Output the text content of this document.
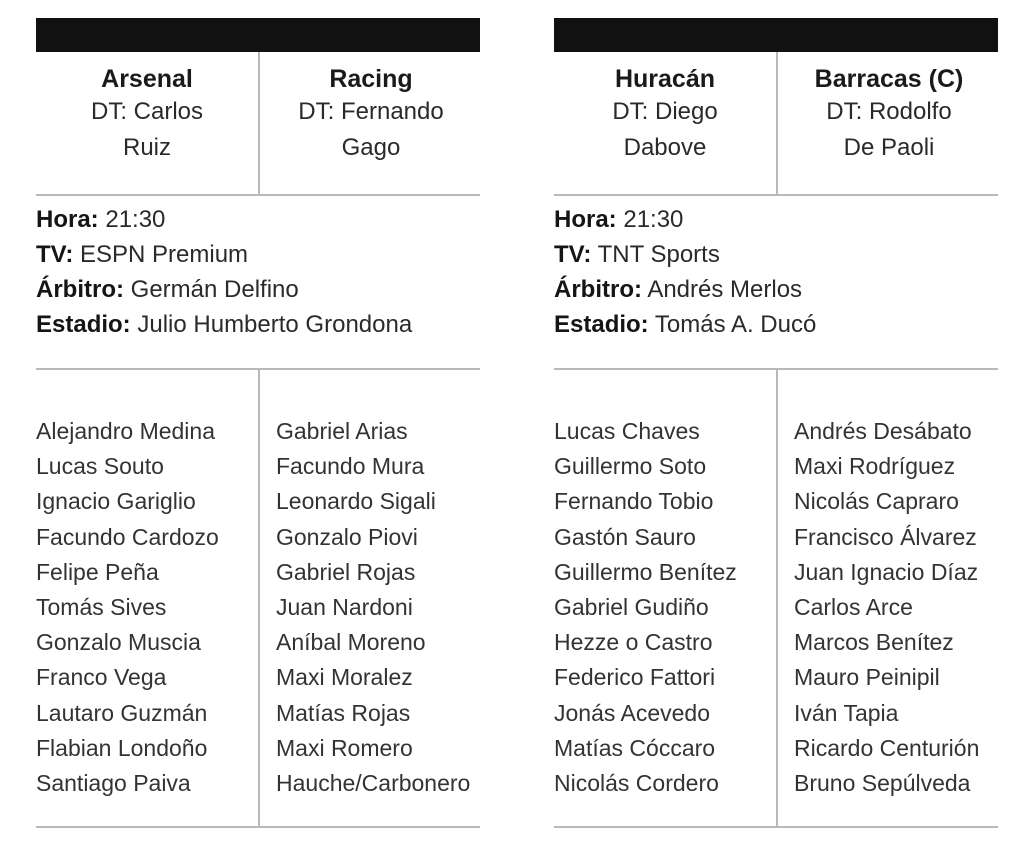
Arsenal
DT: Carlos Ruiz
Racing
DT: Fernando Gago
Hora: 21:30
TV: ESPN Premium
Árbitro: Germán Delfino
Estadio: Julio Humberto Grondona
Alejandro Medina
Lucas Souto
Ignacio Gariglio
Facundo Cardozo
Felipe Peña
Tomás Sives
Gonzalo Muscia
Franco Vega
Lautaro Guzmán
Flabian Londoño
Santiago Paiva
Gabriel Arias
Facundo Mura
Leonardo Sigali
Gonzalo Piovi
Gabriel Rojas
Juan Nardoni
Aníbal Moreno
Maxi Moralez
Matías Rojas
Maxi Romero
Hauche/Carbonero
Huracán
DT: Diego Dabove
Barracas (C)
DT: Rodolfo De Paoli
Hora: 21:30
TV: TNT Sports
Árbitro: Andrés Merlos
Estadio: Tomás A. Ducó
Lucas Chaves
Guillermo Soto
Fernando Tobio
Gastón Sauro
Guillermo Benítez
Gabriel Gudiño
Hezze o Castro
Federico Fattori
Jonás Acevedo
Matías Cóccaro
Nicolás Cordero
Andrés Desábato
Maxi Rodríguez
Nicolás Capraro
Francisco Álvarez
Juan Ignacio Díaz
Carlos Arce
Marcos Benítez
Mauro Peinipil
Iván Tapia
Ricardo Centurión
Bruno Sepúlveda
